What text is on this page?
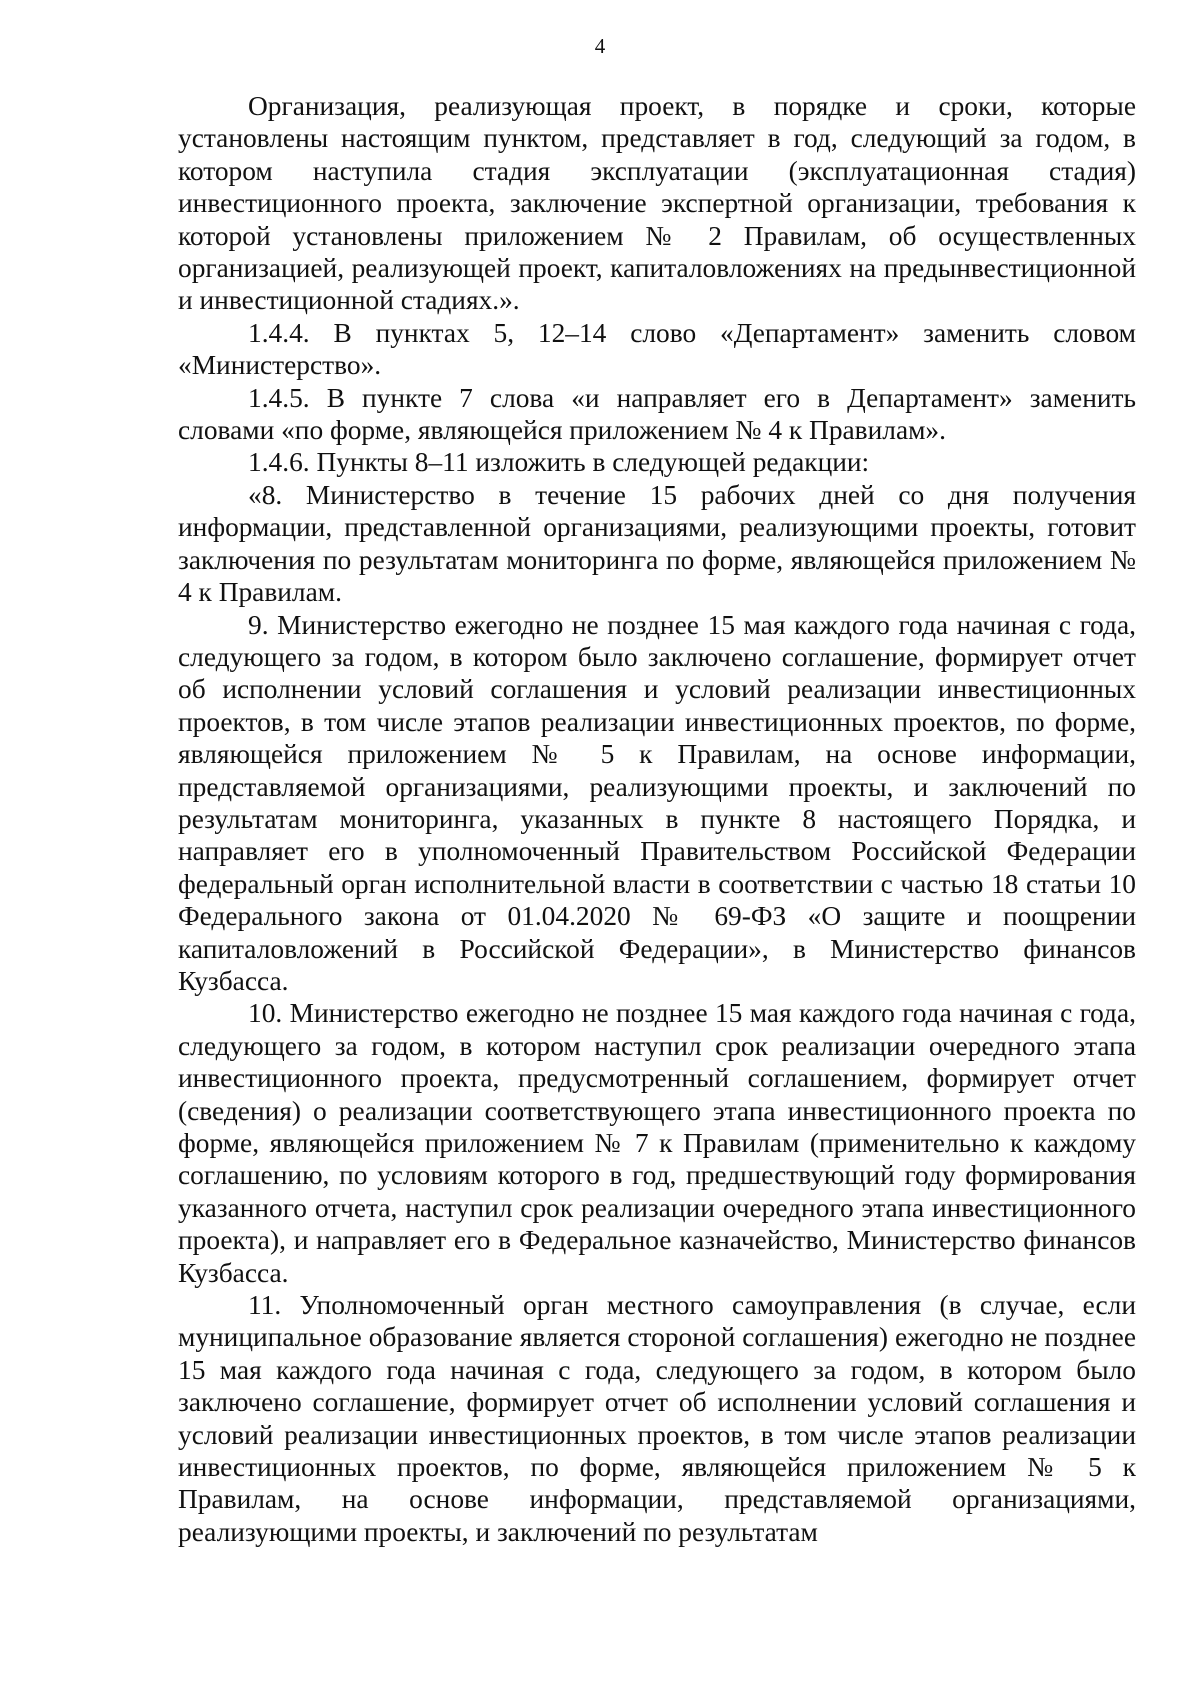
4

Организация, реализующая проект, в порядке и сроки, которые установлены настоящим пунктом, представляет в год, следующий за годом, в котором наступила стадия эксплуатации (эксплуатационная стадия) инвестиционного проекта, заключение экспертной организации, требования к которой установлены приложением № 2 Правилам, об осуществленных организацией, реализующей проект, капиталовложениях на предынвестиционной и инвестиционной стадиях.».

1.4.4. В пунктах 5, 12–14 слово «Департамент» заменить словом «Министерство».

1.4.5. В пункте 7 слова «и направляет его в Департамент» заменить словами «по форме, являющейся приложением № 4 к Правилам».

1.4.6. Пункты 8–11 изложить в следующей редакции:

«8. Министерство в течение 15 рабочих дней со дня получения информации, представленной организациями, реализующими проекты, готовит заключения по результатам мониторинга по форме, являющейся приложением № 4 к Правилам.

9. Министерство ежегодно не позднее 15 мая каждого года начиная с года, следующего за годом, в котором было заключено соглашение, формирует отчет об исполнении условий соглашения и условий реализации инвестиционных проектов, в том числе этапов реализации инвестиционных проектов, по форме, являющейся приложением № 5 к Правилам, на основе информации, представляемой организациями, реализующими проекты, и заключений по результатам мониторинга, указанных в пункте 8 настоящего Порядка, и направляет его в уполномоченный Правительством Российской Федерации федеральный орган исполнительной власти в соответствии с частью 18 статьи 10 Федерального закона от 01.04.2020 № 69-ФЗ «О защите и поощрении капиталовложений в Российской Федерации», в Министерство финансов Кузбасса.

10. Министерство ежегодно не позднее 15 мая каждого года начиная с года, следующего за годом, в котором наступил срок реализации очередного этапа инвестиционного проекта, предусмотренный соглашением, формирует отчет (сведения) о реализации соответствующего этапа инвестиционного проекта по форме, являющейся приложением № 7 к Правилам (применительно к каждому соглашению, по условиям которого в год, предшествующий году формирования указанного отчета, наступил срок реализации очередного этапа инвестиционного проекта), и направляет его в Федеральное казначейство, Министерство финансов Кузбасса.

11. Уполномоченный орган местного самоуправления (в случае, если муниципальное образование является стороной соглашения) ежегодно не позднее 15 мая каждого года начиная с года, следующего за годом, в котором было заключено соглашение, формирует отчет об исполнении условий соглашения и условий реализации инвестиционных проектов, в том числе этапов реализации инвестиционных проектов, по форме, являющейся приложением № 5 к Правилам, на основе информации, представляемой организациями, реализующими проекты, и заключений по результатам
